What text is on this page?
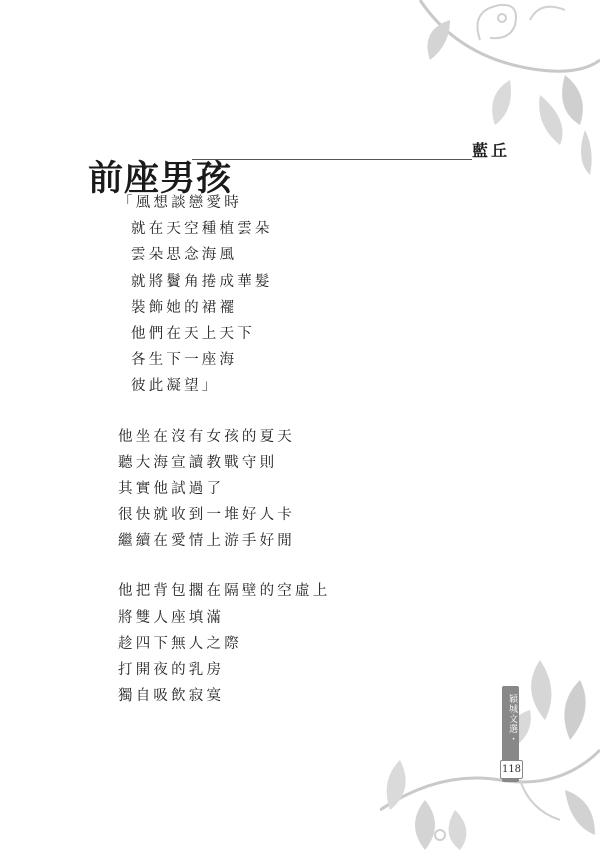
前座男孩
藍丘
「風想談戀愛時
就在天空種植雲朵
雲朵思念海風
就將鬢角捲成華髮
裝飾她的裙襬
他們在天上天下
各生下一座海
彼此凝望」
他坐在沒有女孩的夏天
聽大海宣讀教戰守則
其實他試過了
很快就收到一堆好人卡
繼續在愛情上游手好閒
他把背包擱在隔壁的空虛上
將雙人座填滿
趁四下無人之際
打開夜的乳房
獨自吸飲寂寞	穎城文選・
118
